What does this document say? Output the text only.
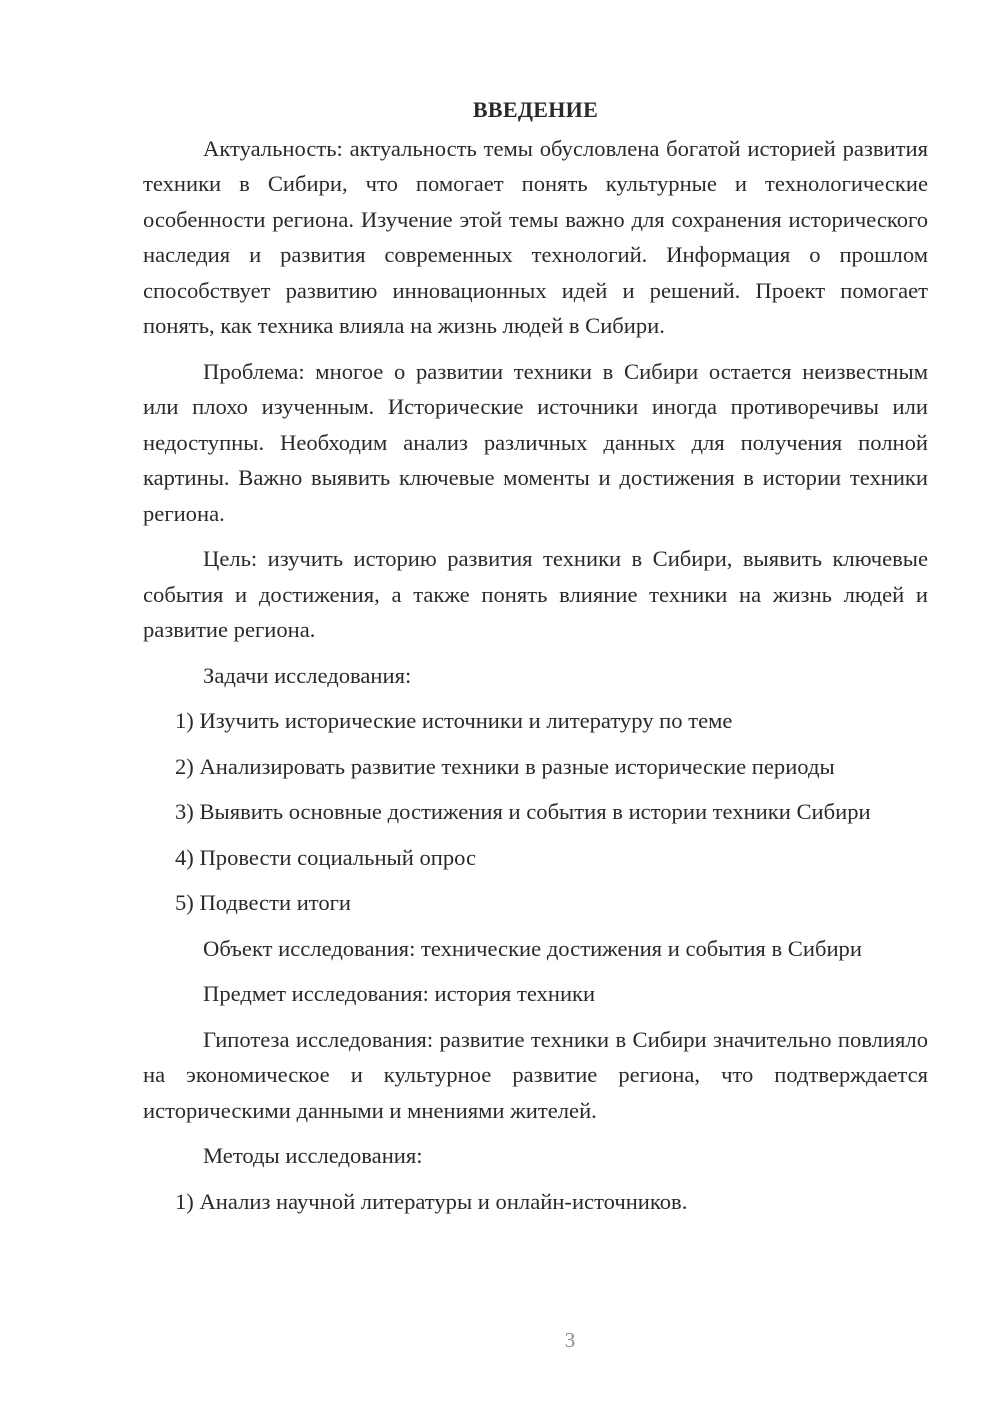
ВВЕДЕНИЕ

Актуальность: актуальность темы обусловлена богатой историей развития техники в Сибири, что помогает понять культурные и технологические особенности региона. Изучение этой темы важно для сохранения исторического наследия и развития современных технологий. Информация о прошлом способствует развитию инновационных идей и решений. Проект помогает понять, как техника влияла на жизнь людей в Сибири.

Проблема: многое о развитии техники в Сибири остается неизвестным или плохо изученным. Исторические источники иногда противоречивы или недоступны. Необходим анализ различных данных для получения полной картины. Важно выявить ключевые моменты и достижения в истории техники региона.

Цель: изучить историю развития техники в Сибири, выявить ключевые события и достижения, а также понять влияние техники на жизнь людей и развитие региона.

Задачи исследования:

1) Изучить исторические источники и литературу по теме

2) Анализировать развитие техники в разные исторические периоды

3) Выявить основные достижения и события в истории техники Сибири

4) Провести социальный опрос

5) Подвести итоги

Объект исследования: технические достижения и события в Сибири

Предмет исследования: история техники

Гипотеза исследования: развитие техники в Сибири значительно повлияло на экономическое и культурное развитие региона, что подтверждается историческими данными и мнениями жителей.

Методы исследования:

1) Анализ научной литературы и онлайн-источников.

3
